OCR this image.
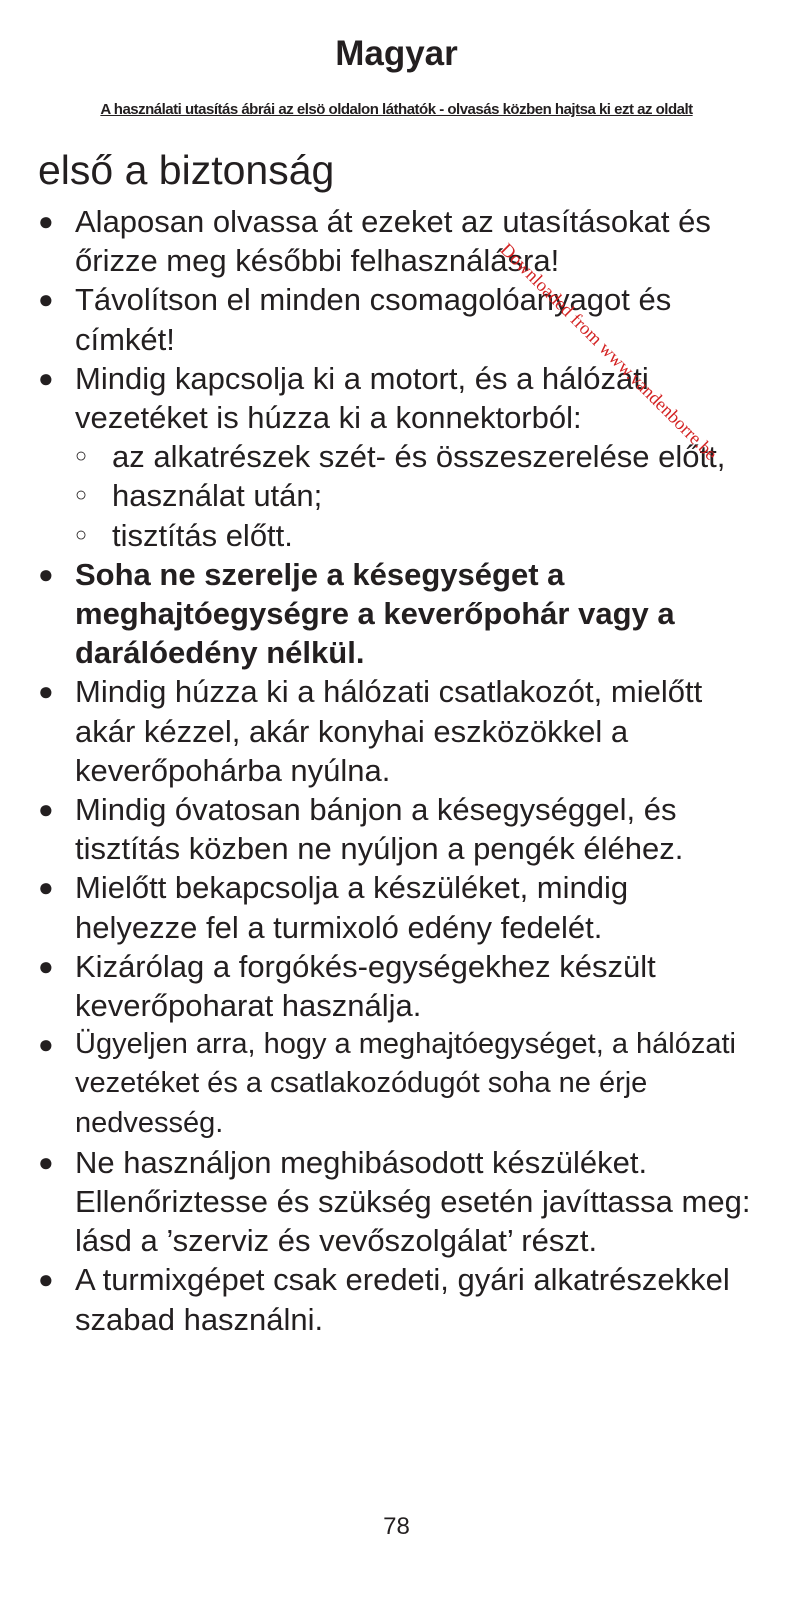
Magyar
A használati utasítás ábrái az elsö oldalon láthatók - olvasás közben hajtsa ki ezt az oldalt
első a biztonság
● Alaposan olvassa át ezeket az utasításokat és őrizze meg későbbi felhasználásra!
● Távolítson el minden csomagolóanyagot és címkét!
● Mindig kapcsolja ki a motort, és a hálózati vezetéket is húzza ki a konnektorból:
○ az alkatrészek szét- és összeszerelése előtt,
○ használat után;
○ tisztítás előtt.
● Soha ne szerelje a késegységet a meghajtóegységre a keverőpohár vagy a darálóedény nélkül.
● Mindig húzza ki a hálózati csatlakozót, mielőtt akár kézzel, akár konyhai eszközökkel a keverőpohárba nyúlna.
● Mindig óvatosan bánjon a késegységgel, és tisztítás közben ne nyúljon a pengék éléhez.
● Mielőtt bekapcsolja a készüléket, mindig helyezze fel a turmixoló edény fedelét.
● Kizárólag a forgókés-egységekhez készült keverőpoharat használja.
● Ügyeljen arra, hogy a meghajtóegységet, a hálózati vezetéket és a csatlakozódugót soha ne érje nedvesség.
● Ne használjon meghibásodott készüléket. Ellenőriztesse és szükség esetén javíttassa meg: lásd a ’szerviz és vevőszolgálat’ részt.
● A turmixgépet csak eredeti, gyári alkatrészekkel szabad használni.
Downloaded from www.vandenborre.be
78
